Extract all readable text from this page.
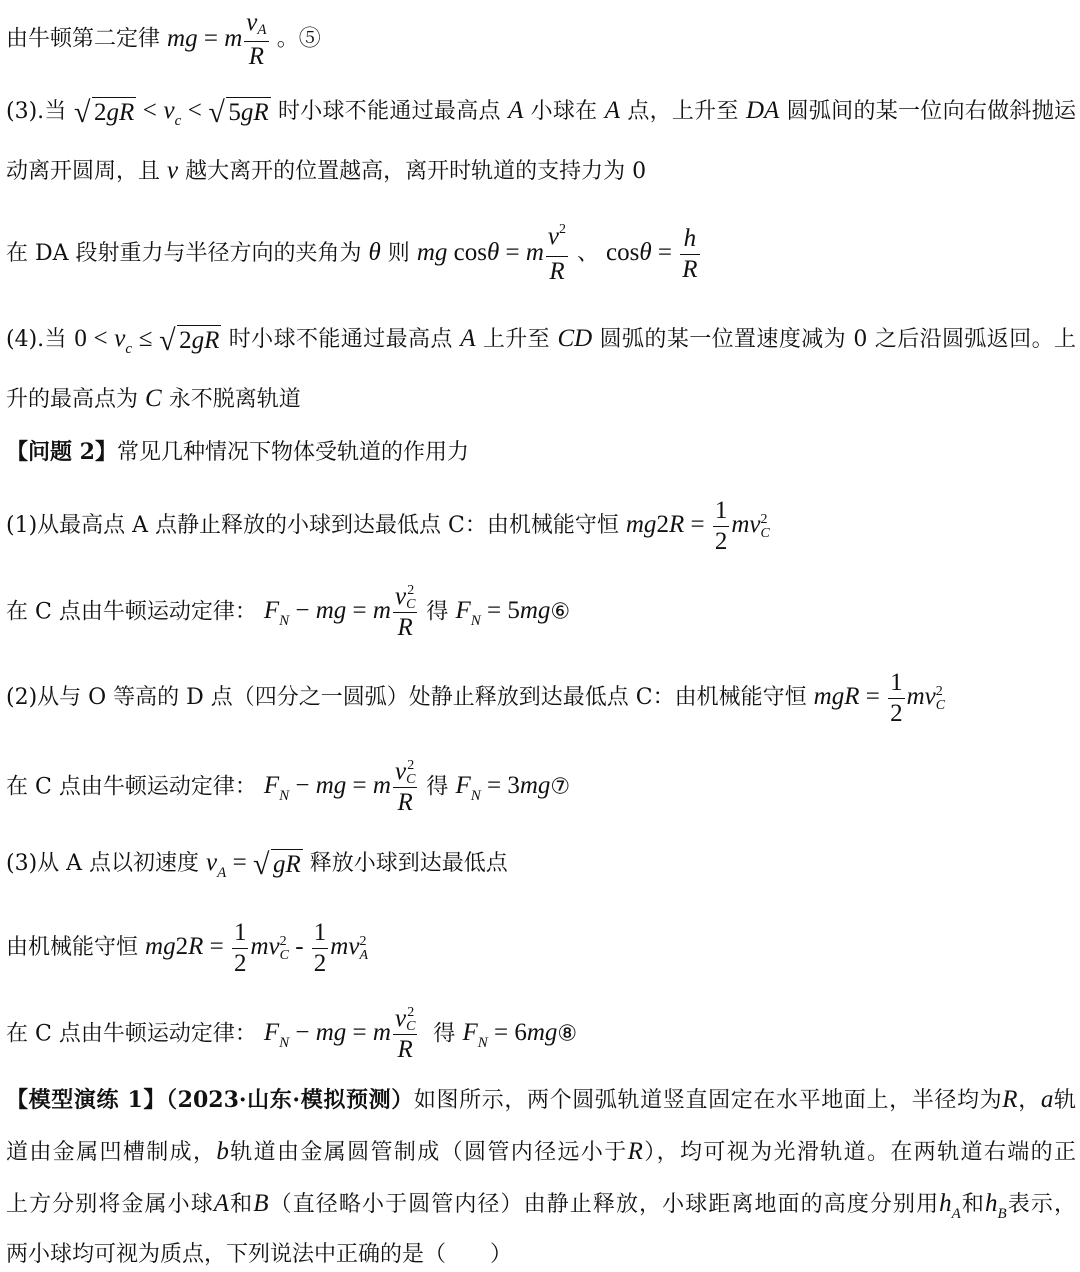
由牛顿第二定律 mg = m $\frac{vA}{R}$ 。⑤
(3).当 √ $2gR < v_c$ < √ 5gR 时小球不能通过最高点 A 小球在 A 点，上升至 DA 圆弧间的某一位向右做斜抛运
动离开圆周，且 v 越大离开的位置越高，离开时轨道的支持力为 0
在 DA 段射重力与半径方向的夹角为 θ 则 mg cosθ = m $\frac{v^2}{R}$ 、 $\cos\theta = \frac{h}{R}$
(4).当 $0 < v_c$ ≤ √ 2gR 时小球不能通过最高点 A 上升至 CD 圆弧的某一位置速度减为 0 之后沿圆弧返回。上
升的最高点为 C 永不脱离轨道
【问题 2】常见几种情况下物体受轨道的作用力
(1)从最高点 A 点静止释放的小球到达最低点 C：由机械能守恒 $mg2R = \frac{1}{2}$ mv 2
C
在 C 点由牛顿运动定律： $F_N$ − mg = m v 2
C
R 得 $F_N$ = 5mg⑥
(2)从与 O 等高的 D 点（四分之一圆弧）处静止释放到达最低点 C：由机械能守恒 mgR = $\frac{1}{2}$ mv 2
C
在 C 点由牛顿运动定律： $F_N$ − mg = m v 2
C
R 得 $F_N$ = 3mg⑦
(3)从 A 点以初速度 $v_A$ = √ gR 释放小球到达最低点
由机械能守恒 $mg2R = \frac{1}{2}$ mv 2
C - $\frac{1}{2}$ mv 2
A
在 C 点由牛顿运动定律： $F_N$ − mg = m v 2
C
R 得 $F_N$ = 6mg⑧
【模型演练 1】（2023·山东·模拟预测）如图所示，两个圆弧轨道竖直固定在水平地面上，半径均为R，a轨
道由金属凹槽制成，b轨道由金属圆管制成（圆管内径远小于R），均可视为光滑轨道。在两轨道右端的正
上方分别将金属小球A和B（直径略小于圆管内径）由静止释放，小球距离地面的高度分别用$h_A$和$h_B$表示，
两小球均可视为质点，下列说法中正确的是（　　）
